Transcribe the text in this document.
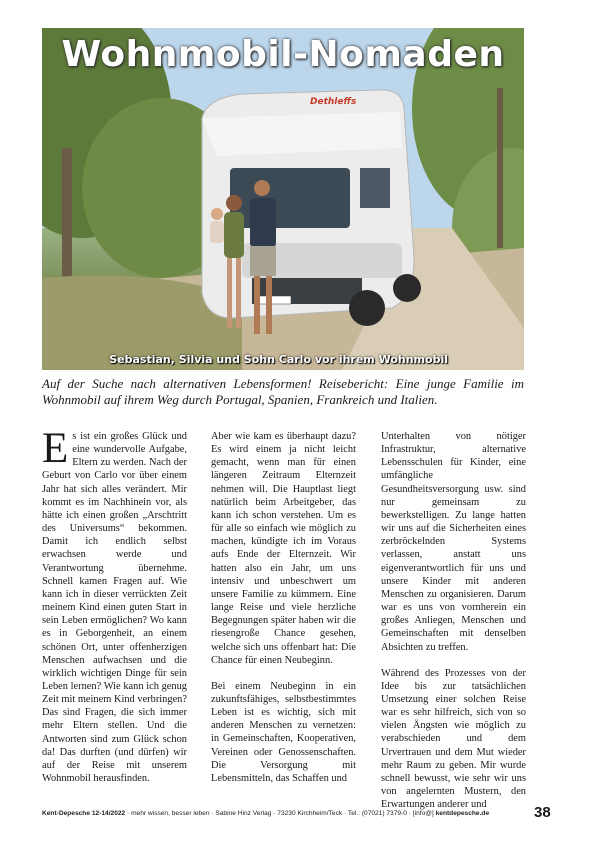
Dethleffs
Wohnmobil-Nomaden
Sebastian, Silvia und Sohn Carlo vor ihrem Wohnmobil
Auf der Suche nach alternativen Lebensformen! Reisebericht: Eine junge Familie im Wohnmobil auf ihrem Weg durch Portugal, Spanien, Frankreich und Italien.

Es ist ein großes Glück und eine wundervolle Aufgabe, Eltern zu werden. Nach der Geburt von Carlo vor über einem Jahr hat sich alles verändert. Mir kommt es im Nachhinein vor, als hätte ich einen großen „Arschtritt des Universums“ bekommen. Damit ich endlich selbst erwachsen werde und Verantwortung übernehme. Schnell kamen Fragen auf. Wie kann ich in dieser verrückten Zeit meinem Kind einen guten Start in sein Leben ermöglichen? Wo kann es in Geborgenheit, an einem schönen Ort, unter offenherzigen Menschen aufwachsen und die wirklich wichtigen Dinge für sein Leben lernen? Wie kann ich genug Zeit mit meinem Kind verbringen? Das sind Fragen, die sich immer mehr Eltern stellen. Und die Antworten sind zum Glück schon da! Das durften (und dürfen) wir auf der Reise mit unserem Wohnmobil herausfinden.

Aber wie kam es überhaupt dazu? Es wird einem ja nicht leicht gemacht, wenn man für einen längeren Zeitraum Elternzeit nehmen will. Die Hauptlast liegt natürlich beim Arbeitgeber, das kann ich schon verstehen. Um es für alle so einfach wie möglich zu machen, kündigte ich im Voraus aufs Ende der Elternzeit. Wir hatten also ein Jahr, um uns intensiv und unbeschwert um unsere Familie zu kümmern. Eine lange Reise und viele herzliche Begegnungen später haben wir die riesengroße Chance gesehen, welche sich uns offenbart hat: Die Chance für einen Neubeginn.

Bei einem Neubeginn in ein zukunftsfähiges, selbstbestimmtes Leben ist es wichtig, sich mit anderen Menschen zu vernetzen: in Gemeinschaften, Kooperativen, Vereinen oder Genossenschaften. Die Versorgung mit Lebensmitteln, das Schaffen und

Unterhalten von nötiger Infrastruktur, alternative Lebensschulen für Kinder, eine umfängliche Gesundheitsversorgung usw. sind nur gemeinsam zu bewerkstelligen. Zu lange hatten wir uns auf die Sicherheiten eines zerbröckelnden Systems verlassen, anstatt uns eigenverantwortlich für uns und unsere Kinder mit anderen Menschen zu organisieren. Darum war es uns von vornherein ein großes Anliegen, Menschen und Gemeinschaften mit denselben Absichten zu treffen.

Während des Prozesses von der Idee bis zur tatsächlichen Umsetzung einer solchen Reise war es sehr hilfreich, sich von so vielen Ängsten wie möglich zu verabschieden und dem Urvertrauen und dem Mut wieder mehr Raum zu geben. Mir wurde schnell bewusst, wie sehr wir uns von angelernten Mustern, den Erwartungen anderer und

Kent-Depesche 12-14/2022 · mehr wissen, besser leben · Sabine Hinz Verlag · 73230 Kirchheim/Teck · Tel.: (07021) 7379-0 · [info@] kentdepesche.de	38
